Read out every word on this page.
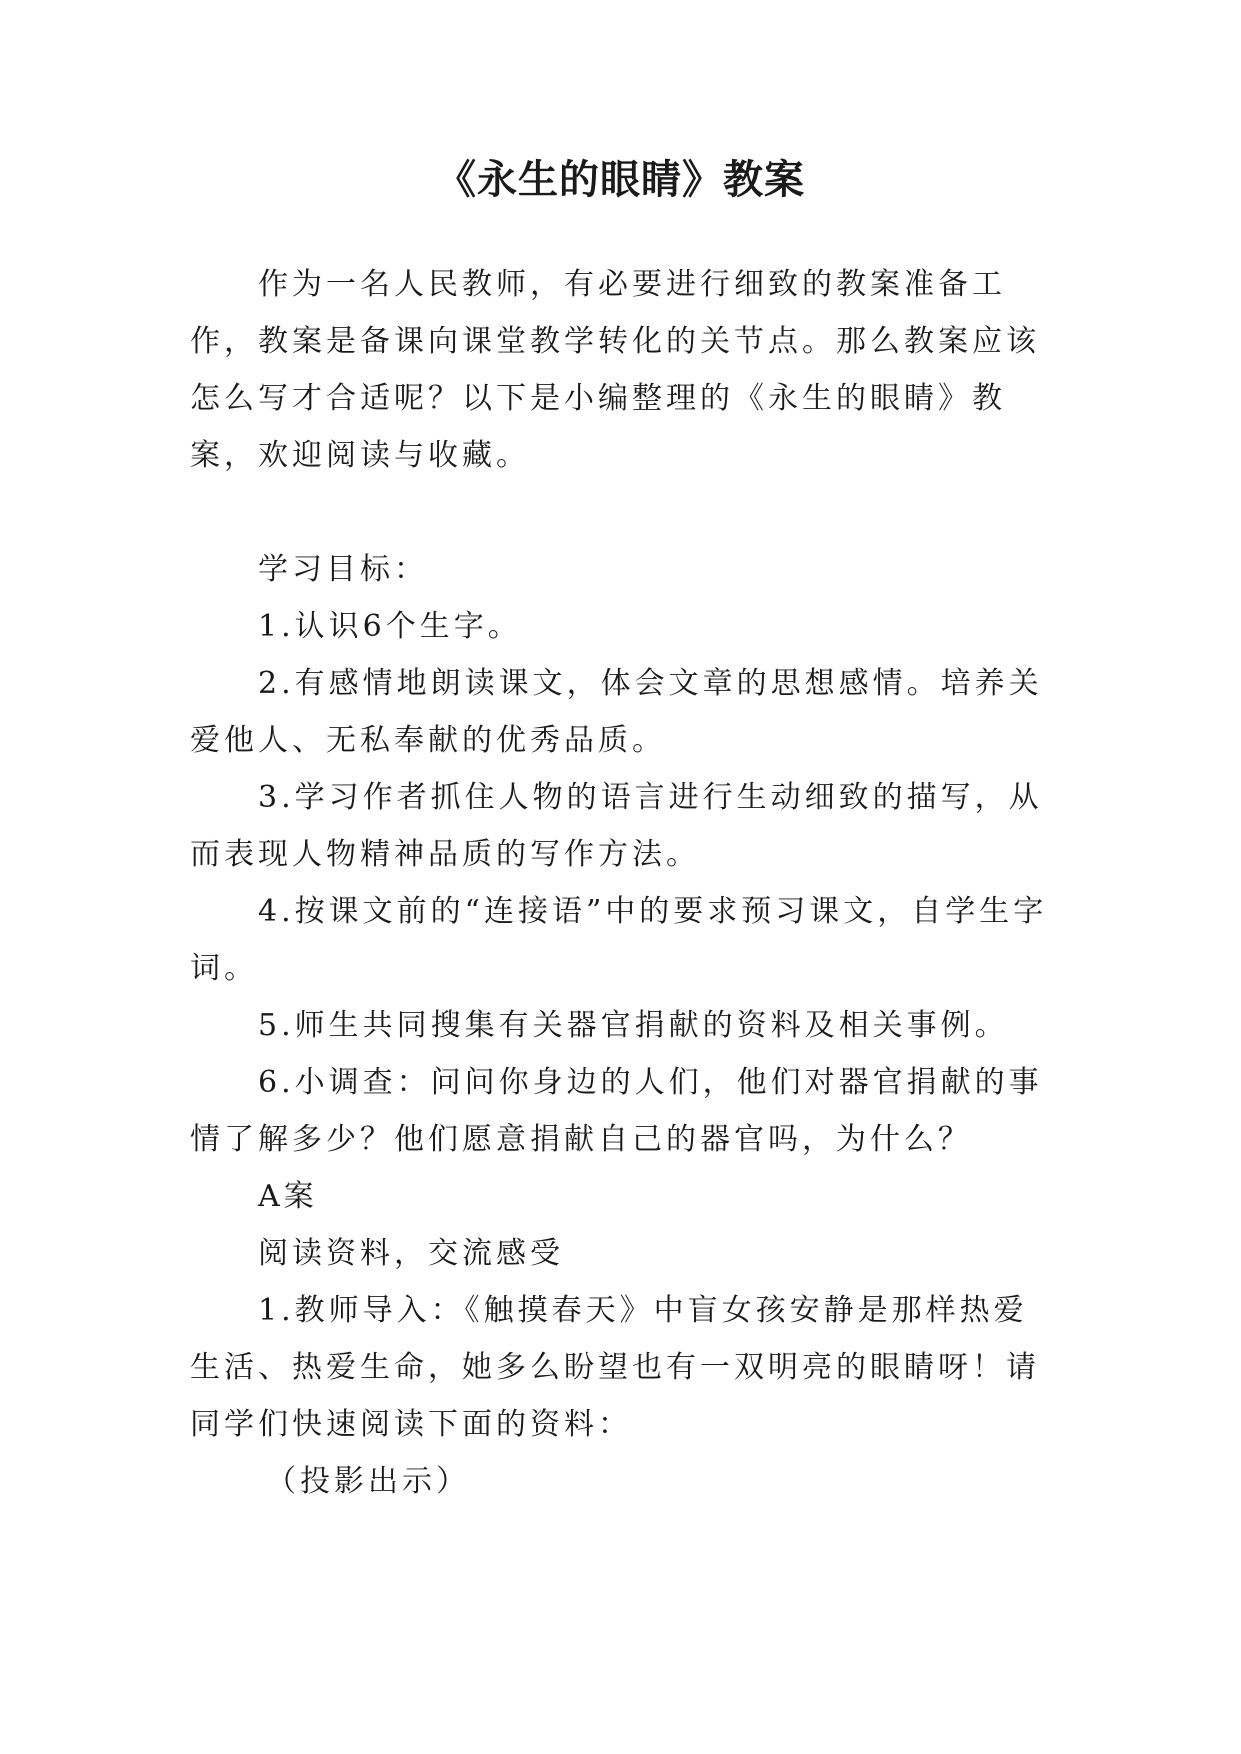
《永生的眼睛》教案

作为一名人民教师，有必要进行细致的教案准备工作，教案是备课向课堂教学转化的关节点。那么教案应该怎么写才合适呢？以下是小编整理的《永生的眼睛》教案，欢迎阅读与收藏。

学习目标：

1.认识6个生字。

2.有感情地朗读课文，体会文章的思想感情。培养关爱他人、无私奉献的优秀品质。

3.学习作者抓住人物的语言进行生动细致的描写，从而表现人物精神品质的写作方法。

4.按课文前的“连接语”中的要求预习课文，自学生字词。

5.师生共同搜集有关器官捐献的资料及相关事例。

6.小调查：问问你身边的人们，他们对器官捐献的事情了解多少？他们愿意捐献自己的器官吗，为什么？

A案

阅读资料，交流感受

1.教师导入：《触摸春天》中盲女孩安静是那样热爱生活、热爱生命，她多么盼望也有一双明亮的眼睛呀！请同学们快速阅读下面的资料：

（投影出示）
